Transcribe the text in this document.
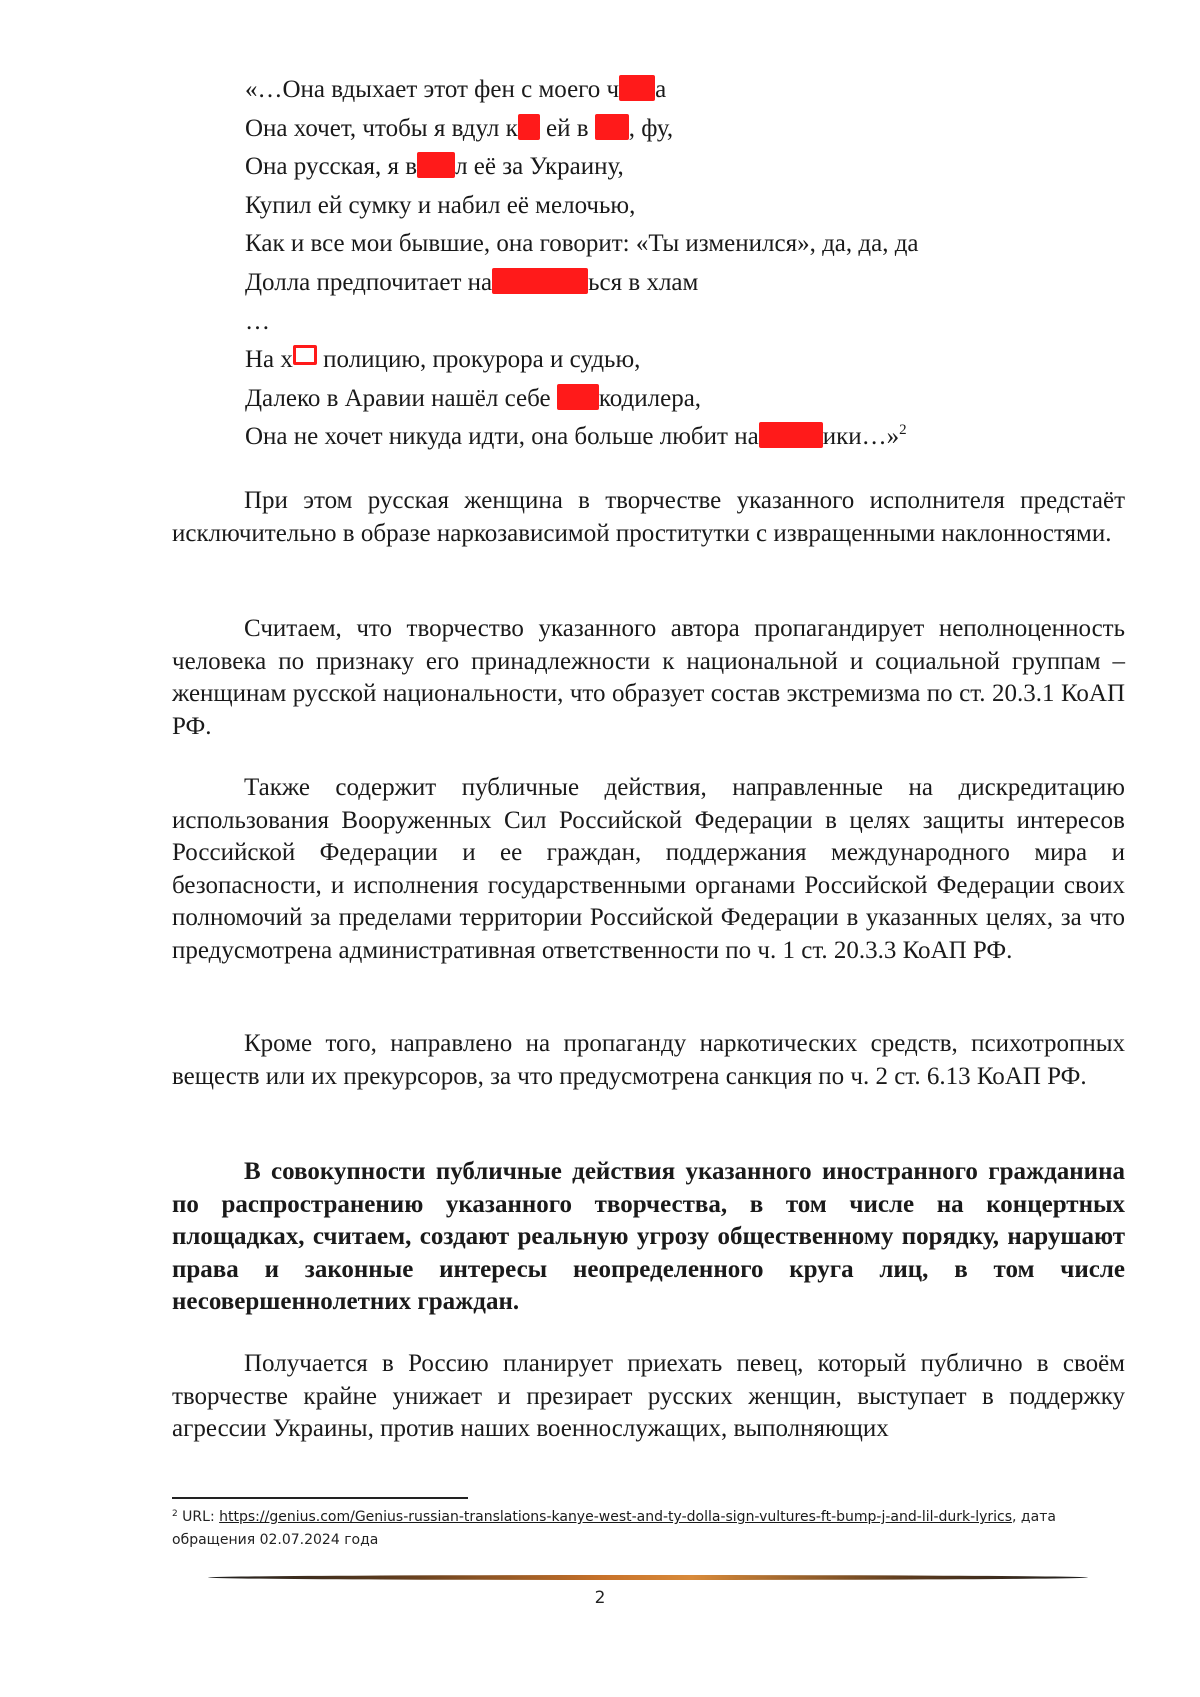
«…Она вдыхает этот фен с моего ч а
Она хочет, чтобы я вдул к ей в , фу,
Она русская, я в л её за Украину,
Купил ей сумку и набил её мелочью,
Как и все мои бывшие, она говорит: «Ты изменился», да, да, да
Долла предпочитает на	ься в хлам
…
На х полицию, прокурора и судью,
Далеко в Аравии нашёл себе кодилера,
Она не хочет никуда идти, она больше любит на	ики…»$^2$

При этом русская женщина в творчестве указанного исполнителя предстаёт исключительно в образе наркозависимой проститутки с извращенными наклонностями.

Считаем, что творчество указанного автора пропагандирует неполноценность человека по признаку его принадлежности к национальной и социальной группам – женщинам русской национальности, что образует состав экстремизма по ст. 20.3.1 КоАП РФ.

Также содержит публичные действия, направленные на дискредитацию использования Вооруженных Сил Российской Федерации в целях защиты интересов Российской Федерации и ее граждан, поддержания международного мира и безопасности, и исполнения государственными органами Российской Федерации своих полномочий за пределами территории Российской Федерации в указанных целях, за что предусмотрена административная ответственности по ч. 1 ст. 20.3.3 КоАП РФ.

Кроме того, направлено на пропаганду наркотических средств, психотропных веществ или их прекурсоров, за что предусмотрена санкция по ч. 2 ст. 6.13 КоАП РФ.

В совокупности публичные действия указанного иностранного гражданина по распространению указанного творчества, в том числе на концертных площадках, считаем, создают реальную угрозу общественному порядку, нарушают права и законные интересы неопределенного круга лиц, в том числе несовершеннолетних граждан.

Получается в Россию планирует приехать певец, который публично в своём творчестве крайне унижает и презирает русских женщин, выступает в поддержку агрессии Украины, против наших военнослужащих, выполняющих

$^2$ URL: https://genius.com/Genius-russian-translations-kanye-west-and-ty-dolla-sign-vultures-ft-bump-j-and-lil-durk-lyrics, дата обращения 02.07.2024 года

2
